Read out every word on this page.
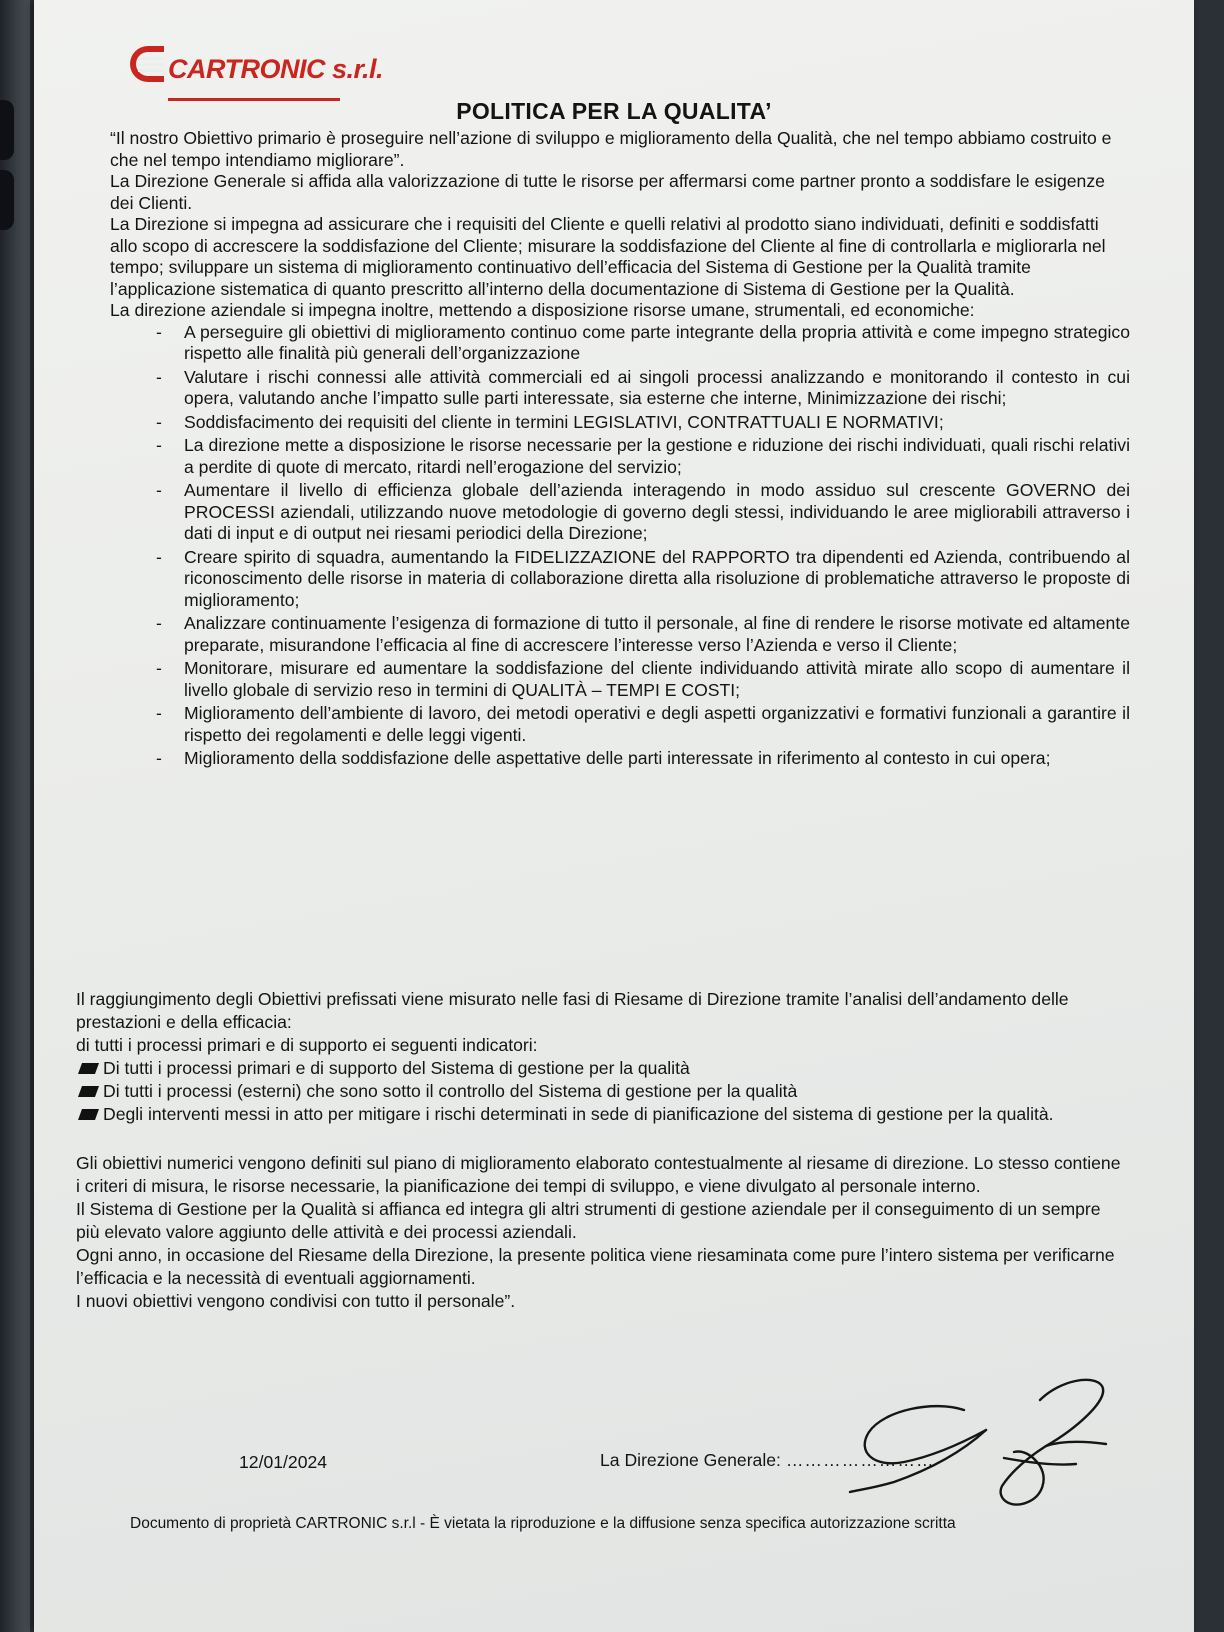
CARTRONIC s.r.l.
POLITICA PER LA QUALITA’

“Il nostro Obiettivo primario è proseguire nell’azione di sviluppo e miglioramento della Qualità, che nel tempo abbiamo costruito e che nel tempo intendiamo migliorare”.

La Direzione Generale si affida alla valorizzazione di tutte le risorse per affermarsi come partner pronto a soddisfare le esigenze dei Clienti.

La Direzione si impegna ad assicurare che i requisiti del Cliente e quelli relativi al prodotto siano individuati, definiti e soddisfatti allo scopo di accrescere la soddisfazione del Cliente; misurare la soddisfazione del Cliente al fine di controllarla e migliorarla nel tempo; sviluppare un sistema di miglioramento continuativo dell’efficacia del Sistema di Gestione per la Qualità tramite l’applicazione sistematica di quanto prescritto all’interno della documentazione di Sistema di Gestione per la Qualità.

La direzione aziendale si impegna inoltre, mettendo a disposizione risorse umane, strumentali, ed economiche:

- A perseguire gli obiettivi di miglioramento continuo come parte integrante della propria attività e come impegno strategico rispetto alle finalità più generali dell’organizzazione
- Valutare i rischi connessi alle attività commerciali ed ai singoli processi analizzando e monitorando il contesto in cui opera, valutando anche l’impatto sulle parti interessate, sia esterne che interne, Minimizzazione dei rischi;
- Soddisfacimento dei requisiti del cliente in termini LEGISLATIVI, CONTRATTUALI E NORMATIVI;
- La direzione mette a disposizione le risorse necessarie per la gestione e riduzione dei rischi individuati, quali rischi relativi a perdite di quote di mercato, ritardi nell’erogazione del servizio;
- Aumentare il livello di efficienza globale dell’azienda interagendo in modo assiduo sul crescente GOVERNO dei PROCESSI aziendali, utilizzando nuove metodologie di governo degli stessi, individuando le aree migliorabili attraverso i dati di input e di output nei riesami periodici della Direzione;
- Creare spirito di squadra, aumentando la FIDELIZZAZIONE del RAPPORTO tra dipendenti ed Azienda, contribuendo al riconoscimento delle risorse in materia di collaborazione diretta alla risoluzione di problematiche attraverso le proposte di miglioramento;
- Analizzare continuamente l’esigenza di formazione di tutto il personale, al fine di rendere le risorse motivate ed altamente preparate, misurandone l’efficacia al fine di accrescere l’interesse verso l’Azienda e verso il Cliente;
- Monitorare, misurare ed aumentare la soddisfazione del cliente individuando attività mirate allo scopo di aumentare il livello globale di servizio reso in termini di QUALITÀ – TEMPI E COSTI;
- Miglioramento dell’ambiente di lavoro, dei metodi operativi e degli aspetti organizzativi e formativi funzionali a garantire il rispetto dei regolamenti e delle leggi vigenti.
- Miglioramento della soddisfazione delle aspettative delle parti interessate in riferimento al contesto in cui opera;

Il raggiungimento degli Obiettivi prefissati viene misurato nelle fasi di Riesame di Direzione tramite l’analisi dell’andamento delle prestazioni e della efficacia:

di tutti i processi primari e di supporto ei seguenti indicatori:

Di tutti i processi primari e di supporto del Sistema di gestione per la qualità
Di tutti i processi (esterni) che sono sotto il controllo del Sistema di gestione per la qualità
Degli interventi messi in atto per mitigare i rischi determinati in sede di pianificazione del sistema di gestione per la qualità.

Gli obiettivi numerici vengono definiti sul piano di miglioramento elaborato contestualmente al riesame di direzione. Lo stesso contiene i criteri di misura, le risorse necessarie, la pianificazione dei tempi di sviluppo, e viene divulgato al personale interno.

Il Sistema di Gestione per la Qualità si affianca ed integra gli altri strumenti di gestione aziendale per il conseguimento di un sempre più elevato valore aggiunto delle attività e dei processi aziendali.

Ogni anno, in occasione del Riesame della Direzione, la presente politica viene riesaminata come pure l’intero sistema per verificarne l’efficacia e la necessità di eventuali aggiornamenti.

I nuovi obiettivi vengono condivisi con tutto il personale”.

12/01/2024	La Direzione Generale: ……………………
Documento di proprietà CARTRONIC s.r.l - È vietata la riproduzione e la diffusione senza specifica autorizzazione scritta
